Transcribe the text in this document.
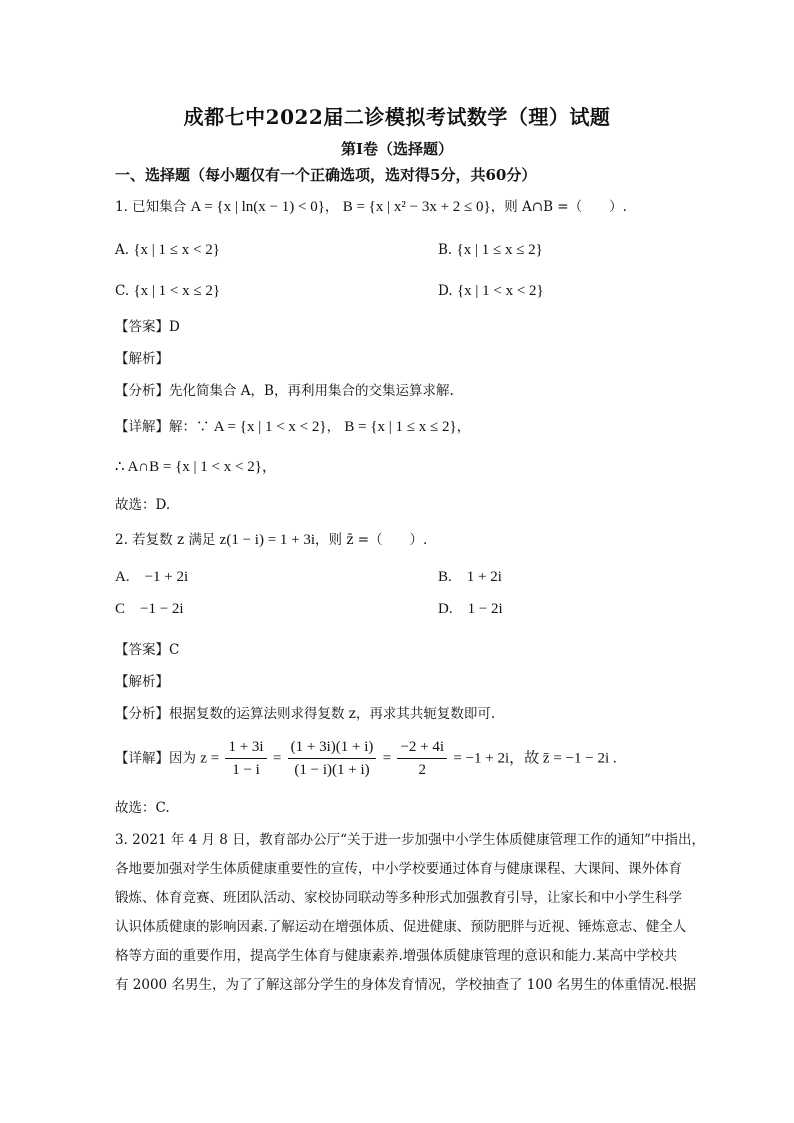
成都七中2022届二诊模拟考试数学（理）试题
第Ⅰ卷（选择题）
一、选择题（每小题仅有一个正确选项，选对得5分，共60分）
1. 已知集合 A = {x | ln(x − 1) < 0}， B = {x | x² − 3x + 2 ≤ 0}，则 A∩B =（　　）.
A. {x | 1 ≤ x < 2}	B. {x | 1 ≤ x ≤ 2}
C. {x | 1 < x ≤ 2}	D. {x | 1 < x < 2}
【答案】D
【解析】
【分析】先化简集合 A，B，再利用集合的交集运算求解.
【详解】解：∵ A = {x | 1 < x < 2}， B = {x | 1 ≤ x ≤ 2}，
∴ A∩B = {x | 1 < x < 2}，
故选：D.
2. 若复数 z 满足 z(1 − i) = 1 + 3i，则 z̄ =（　　）.
A.　−1 + 2i	B.　1 + 2i
C　−1 − 2i	D.　1 − 2i
【答案】C
【解析】
【分析】根据复数的运算法则求得复数 z，再求其共轭复数即可.
【详解】因为 $z = \frac{1 + 3i}{1 - i} = \frac{(1 + 3i)(1 + i)}{(1 - i)(1 + i)} = \frac{-2 + 4i}{2} = -1 + 2i$，故 z̄ = −1 − 2i .
故选：C.
3. 2021 年 4 月 8 日，教育部办公厅“关于进一步加强中小学生体质健康管理工作的通知”中指出，
各地要加强对学生体质健康重要性的宣传，中小学校要通过体育与健康课程、大课间、课外体育
锻炼、体育竞赛、班团队活动、家校协同联动等多种形式加强教育引导，让家长和中小学生科学
认识体质健康的影响因素.了解运动在增强体质、促进健康、预防肥胖与近视、锤炼意志、健全人
格等方面的重要作用，提高学生体育与健康素养.增强体质健康管理的意识和能力.某高中学校共
有 2000 名男生，为了了解这部分学生的身体发育情况，学校抽查了 100 名男生的体重情况.根据
